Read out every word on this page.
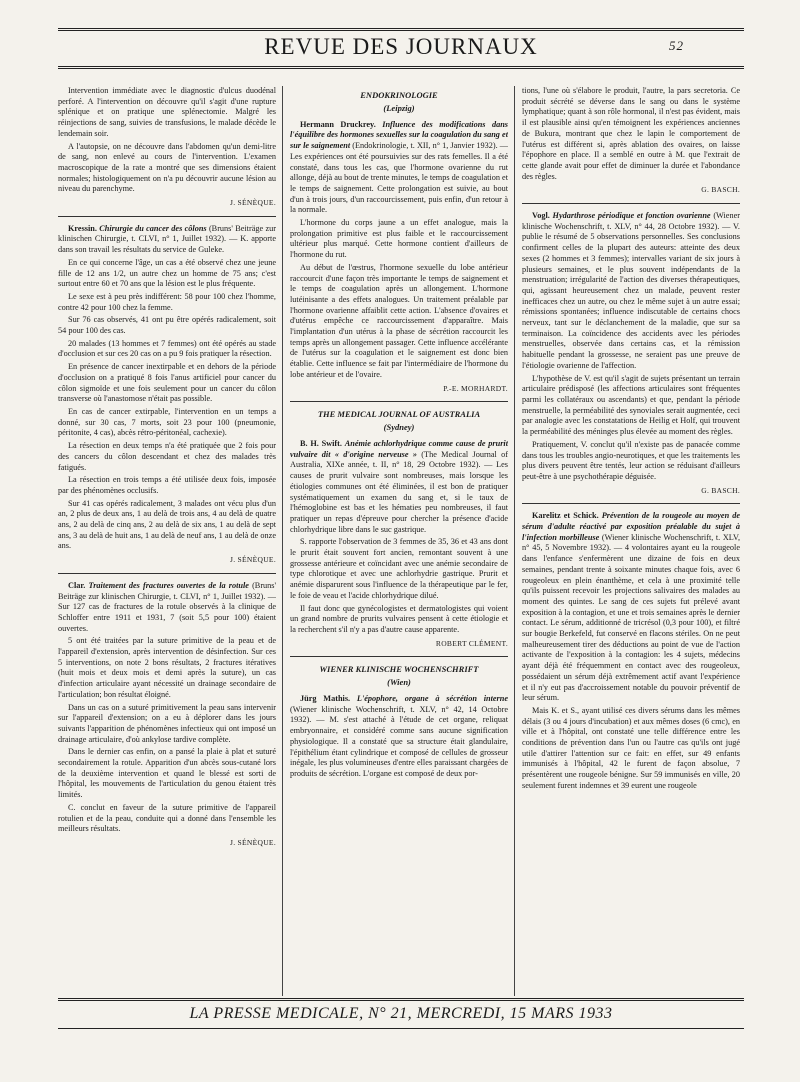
REVUE DES JOURNAUX	52

Intervention immédiate avec le diagnostic d'ulcus duodénal perforé. A l'intervention on découvre qu'il s'agit d'une rupture splénique et on pratique une splénectomie. Malgré les réinjections de sang, suivies de transfusions, le malade décède le lendemain soir.

A l'autopsie, on ne découvre dans l'abdomen qu'un demi-litre de sang, non enlevé au cours de l'intervention. L'examen macroscopique de la rate a montré que ses dimensions étaient normales; histologiquement on n'a pu découvrir aucune lésion au niveau du parenchyme.

J. SÉNÈQUE.

Kressin. Chirurgie du cancer des côlons (Bruns' Beiträge zur klinischen Chirurgie, t. CLVI, n° 1, Juillet 1932). — K. apporte dans son travail les résultats du service de Guleke.

En ce qui concerne l'âge, un cas a été observé chez une jeune fille de 12 ans 1/2, un autre chez un homme de 75 ans; c'est surtout entre 60 et 70 ans que la lésion est le plus fréquente.

Le sexe est à peu près indifférent: 58 pour 100 chez l'homme, contre 42 pour 100 chez la femme.

Sur 76 cas observés, 41 ont pu être opérés radicalement, soit 54 pour 100 des cas.

20 malades (13 hommes et 7 femmes) ont été opérés au stade d'occlusion et sur ces 20 cas on a pu 9 fois pratiquer la résection.

En présence de cancer inextirpable et en dehors de la période d'occlusion on a pratiqué 8 fois l'anus artificiel pour cancer du côlon sigmoïde et une fois seulement pour un cancer du côlon transverse où l'anastomose n'était pas possible.

En cas de cancer extirpable, l'intervention en un temps a donné, sur 30 cas, 7 morts, soit 23 pour 100 (pneumonie, péritonite, 4 cas), abcès rétro-péritonéal, cachexie).

La résection en deux temps n'a été pratiquée que 2 fois pour des cancers du côlon descendant et chez des malades très fatigués.

La résection en trois temps a été utilisée deux fois, imposée par des phénomènes occlusifs.

Sur 41 cas opérés radicalement, 3 malades ont vécu plus d'un an, 2 plus de deux ans, 1 au delà de trois ans, 4 au delà de quatre ans, 2 au delà de cinq ans, 2 au delà de six ans, 1 au delà de sept ans, 3 au delà de huit ans, 1 au delà de neuf ans, 1 au delà de onze ans.

J. SÉNÈQUE.

Clar. Traitement des fractures ouvertes de la rotule (Bruns' Beiträge zur klinischen Chirurgie, t. CLVI, n° 1, Juillet 1932). — Sur 127 cas de fractures de la rotule observés à la clinique de Schloffer entre 1911 et 1931, 7 (soit 5,5 pour 100) étaient ouvertes.

5 ont été traitées par la suture primitive de la peau et de l'appareil d'extension, après intervention de désinfection. Sur ces 5 interventions, on note 2 bons résultats, 2 fractures itératives (huit mois et deux mois et demi après la suture), un cas d'infection articulaire ayant nécessité un drainage secondaire de l'articulation; bon résultat éloigné.

Dans un cas on a suturé primitivement la peau sans intervenir sur l'appareil d'extension; on a eu à déplorer dans les jours suivants l'apparition de phénomènes infectieux qui ont imposé un drainage articulaire, d'où ankylose tardive complète.

Dans le dernier cas enfin, on a pansé la plaie à plat et suturé secondairement la rotule. Apparition d'un abcès sous-cutané lors de la deuxième intervention et quand le blessé est sorti de l'hôpital, les mouvements de l'articulation du genou étaient très limités.

C. conclut en faveur de la suture primitive de l'appareil rotulien et de la peau, conduite qui a donné dans l'ensemble les meilleurs résultats.

J. SÉNÈQUE.

ENDOKRINOLOGIE
(Leipzig)

Hermann Druckrey. Influence des modifications dans l'équilibre des hormones sexuelles sur la coagulation du sang et sur le saignement (Endokrinologie, t. XII, n° 1, Janvier 1932). — Les expériences ont été poursuivies sur des rats femelles. Il a été constaté, dans tous les cas, que l'hormone ovarienne du rut allonge, déjà au bout de trente minutes, le temps de coagulation et le temps de saignement. Cette prolongation est suivie, au bout d'un à trois jours, d'un raccourcissement, puis enfin, d'un retour à la normale.

L'hormone du corps jaune a un effet analogue, mais la prolongation primitive est plus faible et le raccourcissement ultérieur plus marqué. Cette hormone contient d'ailleurs de l'hormone du rut.

Au début de l'œstrus, l'hormone sexuelle du lobe antérieur raccourcit d'une façon très importante le temps de saignement et le temps de coagulation après un allongement. L'hormone lutéinisante a des effets analogues. Un traitement préalable par l'hormone ovarienne affaiblit cette action. L'absence d'ovaires et d'utérus empêche ce raccourcissement d'apparaître. Mais l'implantation d'un utérus à la phase de sécrétion raccourcit les temps après un allongement passager. Cette influence accélérante de l'utérus sur la coagulation et le saignement est donc bien établie. Cette influence se fait par l'intermédiaire de l'hormone du lobe antérieur et de l'ovaire.

P.-E. MORHARDT.

THE MEDICAL JOURNAL OF AUSTRALIA
(Sydney)

B. H. Swift. Anémie achlorhydrique comme cause de prurit vulvaire dit « d'origine nerveuse » (The Medical Journal of Australia, XIXe année, t. II, n° 18, 29 Octobre 1932). — Les causes de prurit vulvaire sont nombreuses, mais lorsque les étiologies communes ont été éliminées, il est bon de pratiquer systématiquement un examen du sang et, si le taux de l'hémoglobine est bas et les hématies peu nombreuses, il faut pratiquer un repas d'épreuve pour chercher la présence d'acide chlorhydrique libre dans le suc gastrique.

S. rapporte l'observation de 3 femmes de 35, 36 et 43 ans dont le prurit était souvent fort ancien, remontant souvent à une grossesse antérieure et coïncidant avec une anémie secondaire de type chlorotique et avec une achlorhydrie gastrique. Prurit et anémie disparurent sous l'influence de la thérapeutique par le fer, le foie de veau et l'acide chlorhydrique dilué.

Il faut donc que gynécologistes et dermatologistes qui voient un grand nombre de prurits vulvaires pensent à cette étiologie et la recherchent s'il n'y a pas d'autre cause apparente.

ROBERT CLÉMENT.

WIENER KLINISCHE WOCHENSCHRIFT
(Wien)

Jürg Mathis. L'épophore, organe à sécrétion interne (Wiener klinische Wochenschrift, t. XLV, n° 42, 14 Octobre 1932). — M. s'est attaché à l'étude de cet organe, reliquat embryonnaire, et considéré comme sans aucune signification physiologique. Il a constaté que sa structure était glandulaire, l'épithélium étant cylindrique et composé de cellules de grosseur inégale, les plus volumineuses d'entre elles paraissant chargées de produits de sécrétion. L'organe est composé de deux por-

tions, l'une où s'élabore le produit, l'autre, la pars secretoria. Ce produit sécrété se déverse dans le sang ou dans le système lymphatique; quant à son rôle hormonal, il n'est pas évident, mais il est plausible ainsi qu'en témoignent les expériences anciennes de Bukura, montrant que chez le lapin le comportement de l'utérus est différent si, après ablation des ovaires, on laisse l'épophore en place. Il a semblé en outre à M. que l'extrait de cette glande avait pour effet de diminuer la durée et l'abondance des règles.

G. BASCH.

Vogl. Hydarthrose périodique et fonction ovarienne (Wiener klinische Wochenschrift, t. XLV, n° 44, 28 Octobre 1932). — V. publie le résumé de 5 observations personnelles. Ses conclusions confirment celles de la plupart des auteurs: atteinte des deux sexes (2 hommes et 3 femmes); intervalles variant de six jours à plusieurs semaines, et le plus souvent indépendants de la menstruation; irrégularité de l'action des diverses thérapeutiques, qui, agissant heureusement chez un malade, peuvent rester inefficaces chez un autre, ou chez le même sujet à un autre essai; rémissions spontanées; influence indiscutable de certains chocs nerveux, tant sur le déclanchement de la maladie, que sur sa terminaison. La coïncidence des accidents avec les périodes menstruelles, observée dans certains cas, et la rémission habituelle pendant la grossesse, ne seraient pas une preuve de l'étiologie ovarienne de l'affection.

L'hypothèse de V. est qu'il s'agit de sujets présentant un terrain articulaire prédisposé (les affections articulaires sont fréquentes parmi les collatéraux ou ascendants) et que, pendant la période menstruelle, la perméabilité des synoviales serait augmentée, ceci par analogie avec les constatations de Heilig et Holf, qui trouvent la perméabilité des méninges plus élevée au moment des règles.

Pratiquement, V. conclut qu'il n'existe pas de panacée comme dans tous les troubles angio-neurotiques, et que les traitements les plus divers peuvent être tentés, leur action se réduisant d'ailleurs peut-être à une psychothérapie déguisée.

G. BASCH.

Karelitz et Schick. Prévention de la rougeole au moyen de sérum d'adulte réactivé par exposition préalable du sujet à l'infection morbilleuse (Wiener klinische Wochenschrift, t. XLV, n° 45, 5 Novembre 1932). — 4 volontaires ayant eu la rougeole dans l'enfance s'enfermèrent une dizaine de fois en deux semaines, pendant trente à soixante minutes chaque fois, avec 6 rougeoleux en plein énanthème, et cela à une proximité telle qu'ils puissent recevoir les projections salivaires des malades au moment des quintes. Le sang de ces sujets fut prélevé avant exposition à la contagion, et une et trois semaines après le dernier contact. Le sérum, additionné de tricrésol (0,3 pour 100), et filtré sur bougie Berkefeld, fut conservé en flacons stériles. On ne peut malheureusement tirer des déductions au point de vue de l'action activante de l'exposition à la contagion: les 4 sujets, médecins ayant déjà été fréquemment en contact avec des rougeoleux, possédaient un sérum déjà extrêmement actif avant l'expérience et il n'y eut pas d'accroissement notable du pouvoir préventif de leur sérum.

Mais K. et S., ayant utilisé ces divers sérums dans les mêmes délais (3 ou 4 jours d'incubation) et aux mêmes doses (6 cmc), en ville et à l'hôpital, ont constaté une telle différence entre les conditions de prévention dans l'un ou l'autre cas qu'ils ont jugé utile d'attirer l'attention sur ce fait: en effet, sur 49 enfants immunisés à l'hôpital, 42 le furent de façon absolue, 7 présentèrent une rougeole bénigne. Sur 59 immunisés en ville, 20 seulement furent indemnes et 39 eurent une rougeole

LA PRESSE MEDICALE, N° 21, MERCREDI, 15 MARS 1933
